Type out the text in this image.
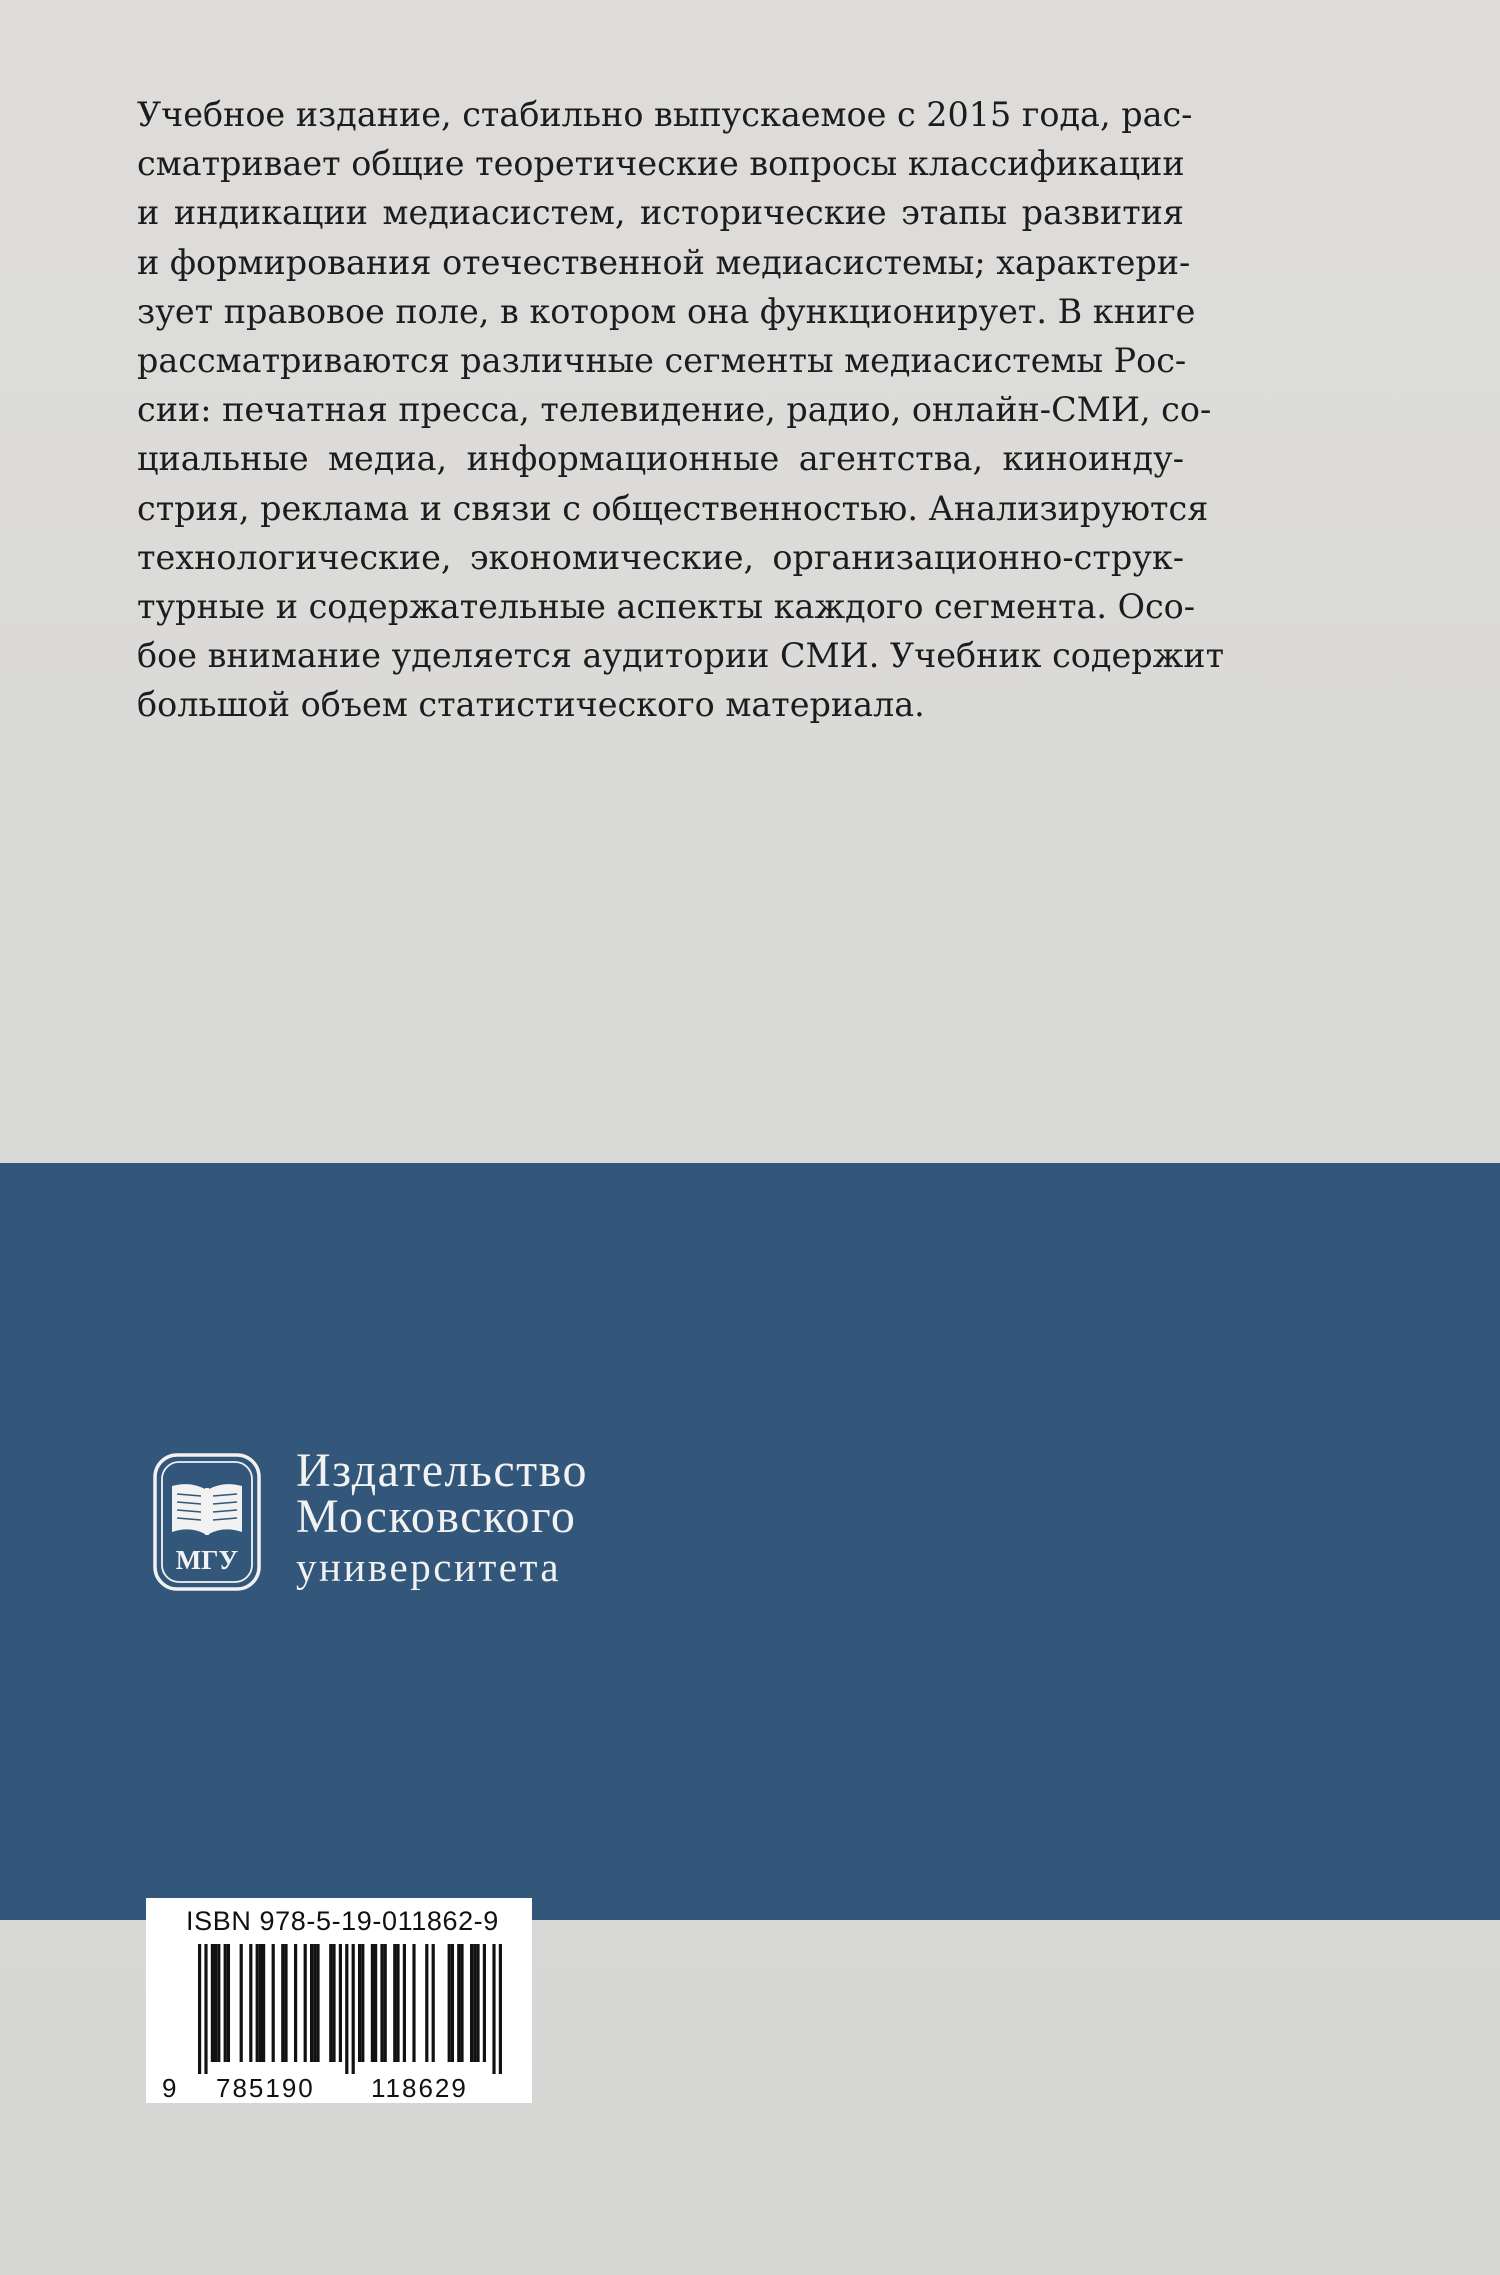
Учебное издание, стабильно выпускаемое с 2015 года, рас-
сматривает общие теоретические вопросы классификации
и индикации медиасистем, исторические этапы развития
и формирования отечественной медиасистемы; характери-
зует правовое поле, в котором она функционирует. В книге
рассматриваются различные сегменты медиасистемы Рос-
сии: печатная пресса, телевидение, радио, онлайн-СМИ, со-
циальные медиа, информационные агентства, киноинду-
стрия, реклама и связи с общественностью. Анализируются
технологические, экономические, организационно-струк-
турные и содержательные аспекты каждого сегмента. Осо-
бое внимание уделяется аудитории СМИ. Учебник содержит
большой объем статистического материала.
МГУ
Издательство
Московского
университета
ISBN 978-5-19-011862-9
9 785190 118629
